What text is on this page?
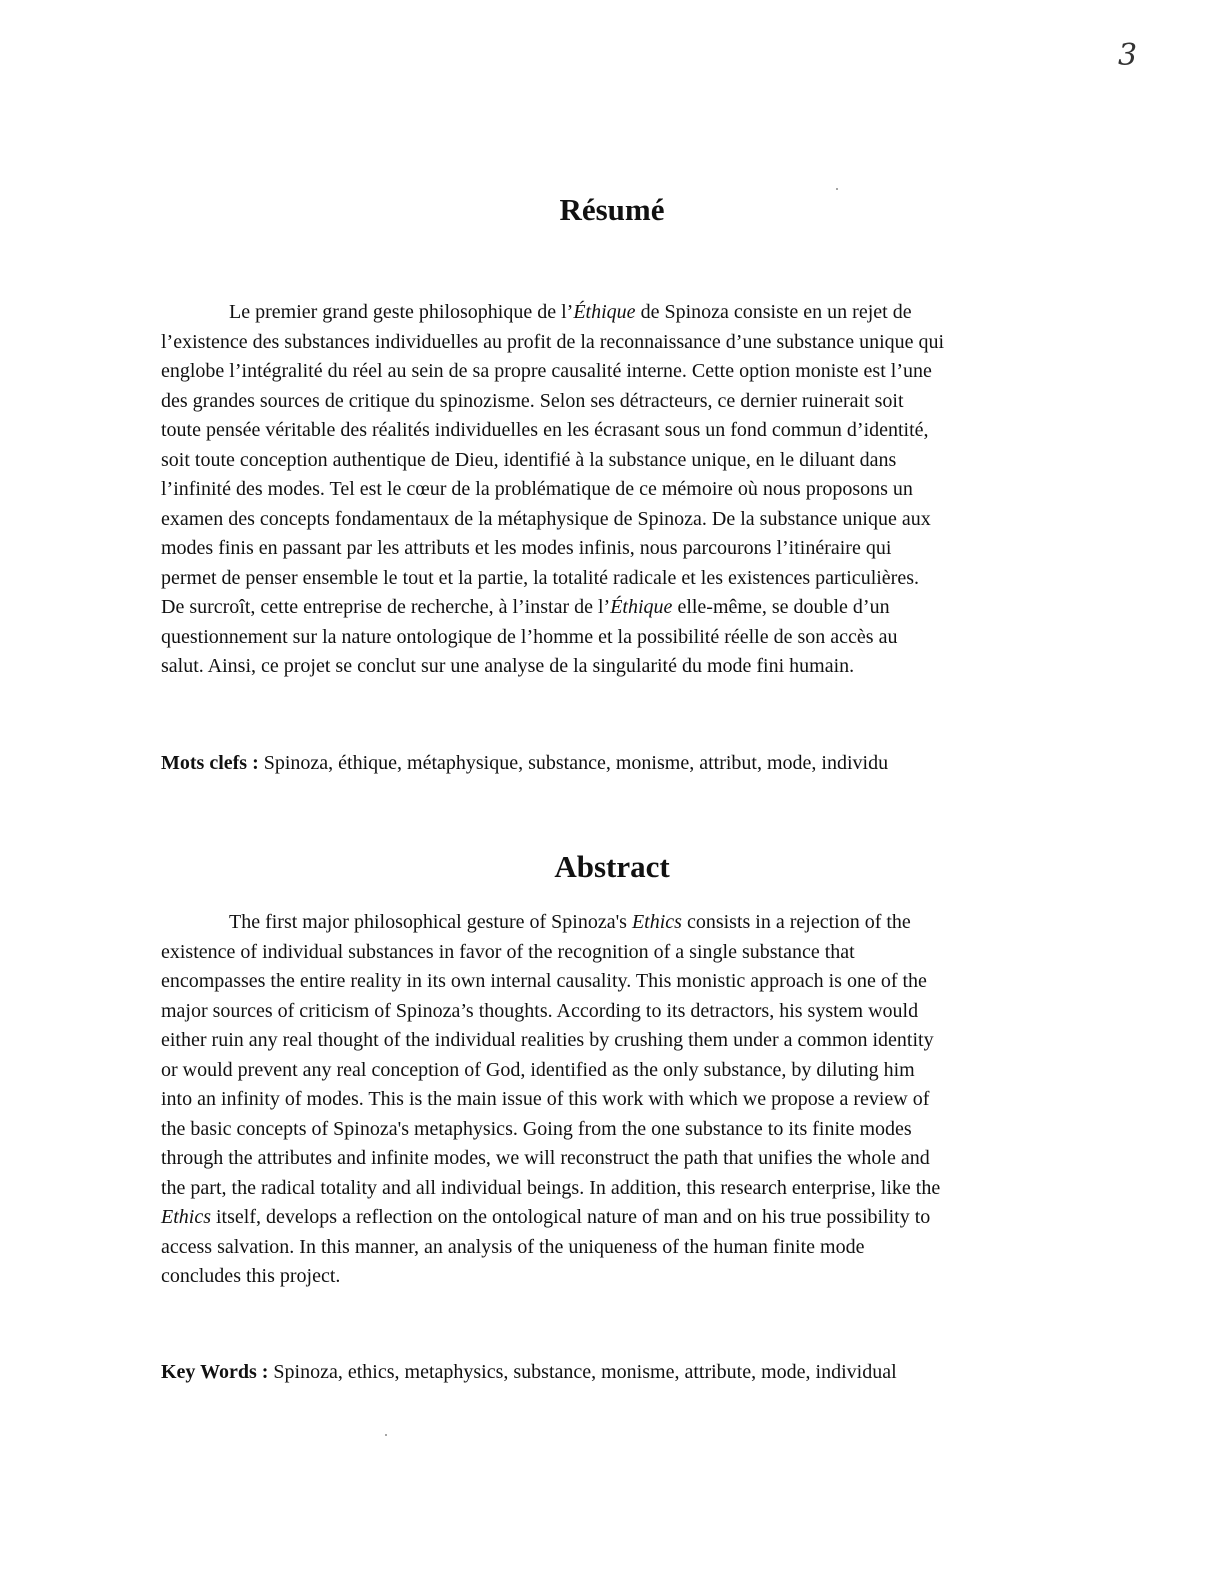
3
Résumé

Le premier grand geste philosophique de l’Éthique de Spinoza consiste en un rejet de
l’existence des substances individuelles au profit de la reconnaissance d’une substance unique qui
englobe l’intégralité du réel au sein de sa propre causalité interne. Cette option moniste est l’une
des grandes sources de critique du spinozisme. Selon ses détracteurs, ce dernier ruinerait soit
toute pensée véritable des réalités individuelles en les écrasant sous un fond commun d’identité,
soit toute conception authentique de Dieu, identifié à la substance unique, en le diluant dans
l’infinité des modes. Tel est le cœur de la problématique de ce mémoire où nous proposons un
examen des concepts fondamentaux de la métaphysique de Spinoza. De la substance unique aux
modes finis en passant par les attributs et les modes infinis, nous parcourons l’itinéraire qui
permet de penser ensemble le tout et la partie, la totalité radicale et les existences particulières.
De surcroît, cette entreprise de recherche, à l’instar de l’Éthique elle-même, se double d’un
questionnement sur la nature ontologique de l’homme et la possibilité réelle de son accès au
salut. Ainsi, ce projet se conclut sur une analyse de la singularité du mode fini humain.

Mots clefs : Spinoza, éthique, métaphysique, substance, monisme, attribut, mode, individu

Abstract

The first major philosophical gesture of Spinoza's Ethics consists in a rejection of the
existence of individual substances in favor of the recognition of a single substance that
encompasses the entire reality in its own internal causality. This monistic approach is one of the
major sources of criticism of Spinoza’s thoughts. According to its detractors, his system would
either ruin any real thought of the individual realities by crushing them under a common identity
or would prevent any real conception of God, identified as the only substance, by diluting him
into an infinity of modes. This is the main issue of this work with which we propose a review of
the basic concepts of Spinoza's metaphysics. Going from the one substance to its finite modes
through the attributes and infinite modes, we will reconstruct the path that unifies the whole and
the part, the radical totality and all individual beings. In addition, this research enterprise, like the
Ethics itself, develops a reflection on the ontological nature of man and on his true possibility to
access salvation. In this manner, an analysis of the uniqueness of the human finite mode
concludes this project.

Key Words : Spinoza, ethics, metaphysics, substance, monisme, attribute, mode, individual
